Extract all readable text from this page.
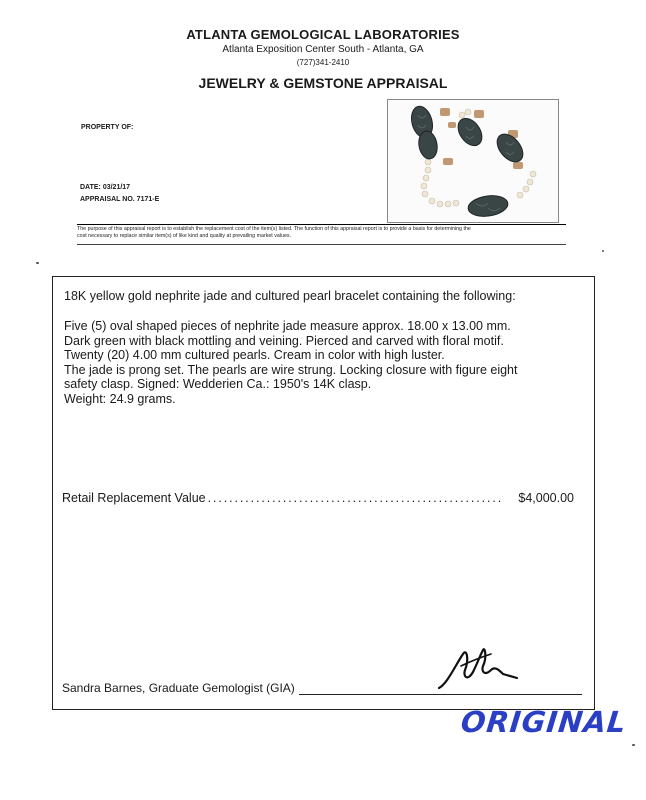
ATLANTA GEMOLOGICAL LABORATORIES
Atlanta Exposition Center South - Atlanta, GA
(727)341-2410
JEWELRY & GEMSTONE APPRAISAL
PROPERTY OF:
DATE: 03/21/17
APPRAISAL NO. 7171-E
The purpose of this appraisal report is to establish the replacement cost of the item(s) listed. The function of this appraisal report is to provide a basis for determining the
cost necessary to replace similar item(s) of like kind and quality at prevailing market values.
18K yellow gold nephrite jade and cultured pearl bracelet containing the following:
Five (5) oval shaped pieces of nephrite jade measure approx. 18.00 x 13.00 mm.
Dark green with black mottling and veining. Pierced and carved with floral motif.
Twenty (20) 4.00 mm cultured pearls. Cream in color with high luster.
The jade is prong set. The pearls are wire strung. Locking closure with figure eight
safety clasp. Signed: Wedderien Ca.: 1950's 14K clasp.
Weight: 24.9 grams.
Retail Replacement Value .......................................................	$4,000.00
Sandra Barnes, Graduate Gemologist (GIA)
ORIGINAL
